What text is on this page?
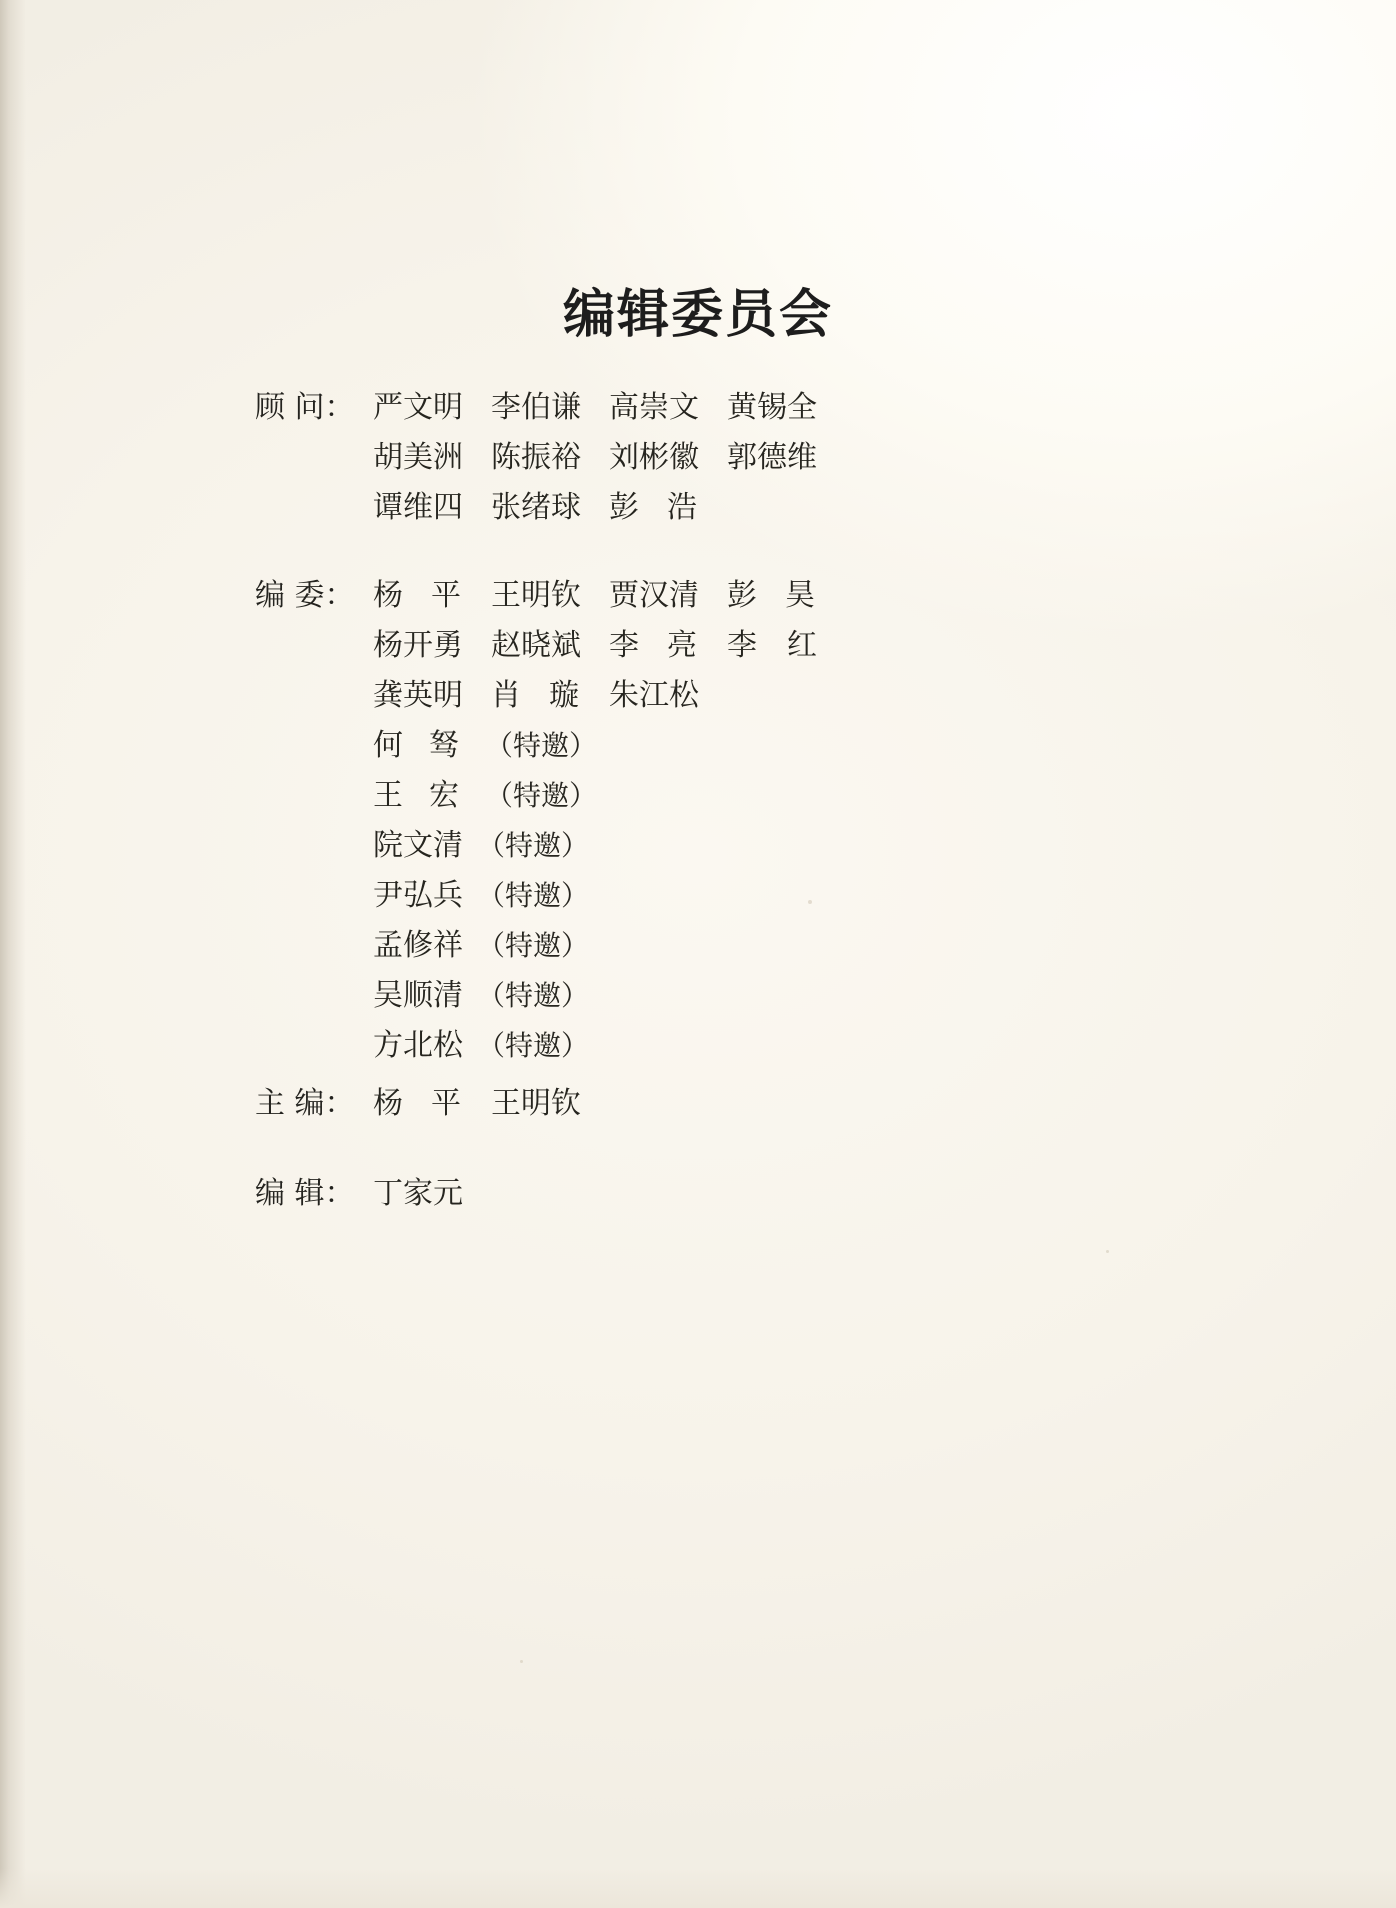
编辑委员会
顾 问： 严文明 李伯谦 高崇文 黄锡全
胡美洲 陈振裕 刘彬徽 郭德维
谭维四 张绪球 彭浩
编 委： 杨平 王明钦 贾汉清 彭昊
杨开勇 赵晓斌 李亮 李红
龚英明 肖璇 朱江松
何驽（特邀）
王宏（特邀）
院文清 （特邀）
尹弘兵 （特邀）
孟修祥 （特邀）
吴顺清 （特邀）
方北松 （特邀）
主 编： 杨平 王明钦
编 辑： 丁家元
